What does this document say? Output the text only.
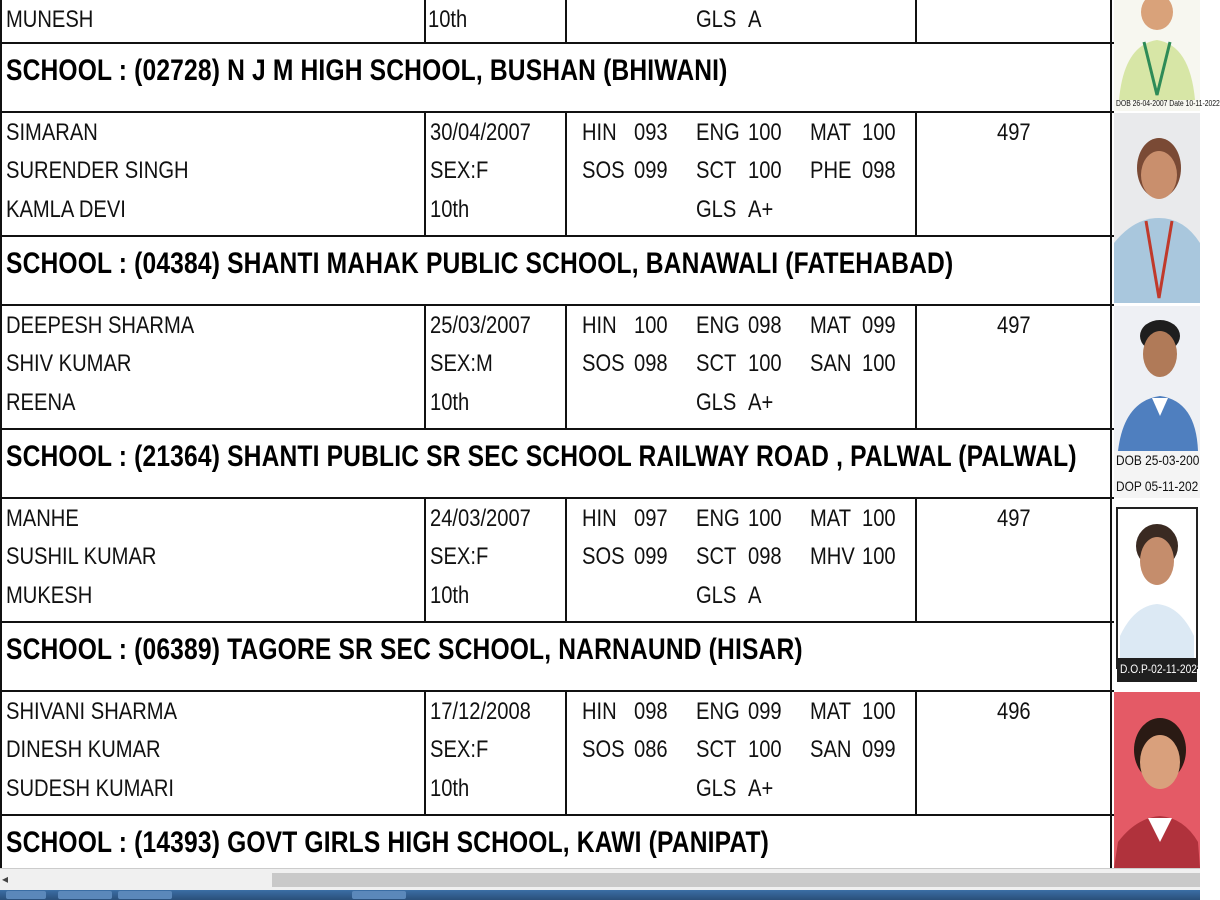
MUNESH	10th	GLS A
SCHOOL : (02728) N J M HIGH SCHOOL, BUSHAN (BHIWANI)
SIMARAN
SURENDER SINGH
KAMLA DEVI
30/04/2007
SEX:F
10th
HIN 093 ENG 100 MAT 100
SOS 099 SCT 100 PHE 098
GLS A+
497
SCHOOL : (04384) SHANTI MAHAK PUBLIC SCHOOL, BANAWALI (FATEHABAD)
DEEPESH SHARMA
SHIV KUMAR
REENA
25/03/2007
SEX:M
10th
HIN 100 ENG 098 MAT 099
SOS 098 SCT 100 SAN 100
GLS A+
497
SCHOOL : (21364) SHANTI PUBLIC SR SEC SCHOOL RAILWAY ROAD , PALWAL (PALWAL)
MANHE
SUSHIL KUMAR
MUKESH
24/03/2007
SEX:F
10th
HIN 097 ENG 100 MAT 100
SOS 099 SCT 098 MHV 100
GLS A
497
SCHOOL : (06389) TAGORE SR SEC SCHOOL, NARNAUND (HISAR)
SHIVANI SHARMA
DINESH KUMAR
SUDESH KUMARI
17/12/2008
SEX:F
10th
HIN 098 ENG 099 MAT 100
SOS 086 SCT 100 SAN 099
GLS A+
496
SCHOOL : (14393) GOVT GIRLS HIGH SCHOOL, KAWI (PANIPAT)
DOB 26-04-2007 Date 10-11-2022
DOB 25-03-200
DOP 05-11-202
D.O.P-02-11-2022
◂
